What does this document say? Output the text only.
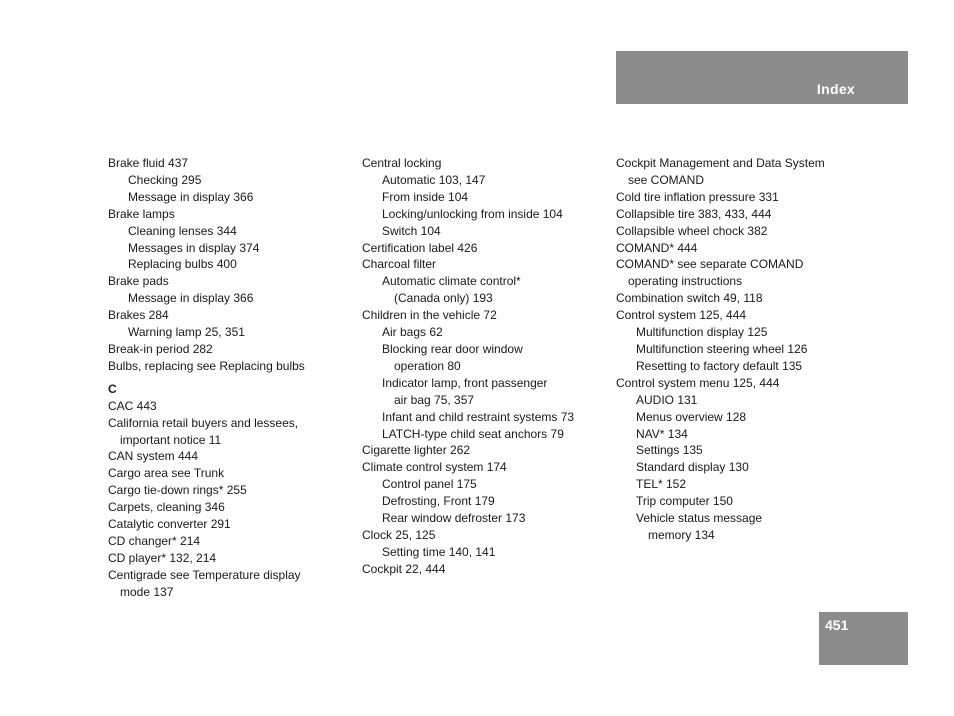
Index
Brake fluid 437
Checking 295
Message in display 366
Brake lamps
Cleaning lenses 344
Messages in display 374
Replacing bulbs 400
Brake pads
Message in display 366
Brakes 284
Warning lamp 25, 351
Break-in period 282
Bulbs, replacing see Replacing bulbs
C
CAC 443
California retail buyers and lessees,
important notice 11
CAN system 444
Cargo area see Trunk
Cargo tie-down rings* 255
Carpets, cleaning 346
Catalytic converter 291
CD changer* 214
CD player* 132, 214
Centigrade see Temperature display
mode 137
Central locking
Automatic 103, 147
From inside 104
Locking/unlocking from inside 104
Switch 104
Certification label 426
Charcoal filter
Automatic climate control*
(Canada only) 193
Children in the vehicle 72
Air bags 62
Blocking rear door window
operation 80
Indicator lamp, front passenger
air bag 75, 357
Infant and child restraint systems 73
LATCH-type child seat anchors 79
Cigarette lighter 262
Climate control system 174
Control panel 175
Defrosting, Front 179
Rear window defroster 173
Clock 25, 125
Setting time 140, 141
Cockpit 22, 444
Cockpit Management and Data System
see COMAND
Cold tire inflation pressure 331
Collapsible tire 383, 433, 444
Collapsible wheel chock 382
COMAND* 444
COMAND* see separate COMAND
operating instructions
Combination switch 49, 118
Control system 125, 444
Multifunction display 125
Multifunction steering wheel 126
Resetting to factory default 135
Control system menu 125, 444
AUDIO 131
Menus overview 128
NAV* 134
Settings 135
Standard display 130
TEL* 152
Trip computer 150
Vehicle status message
memory 134
451
